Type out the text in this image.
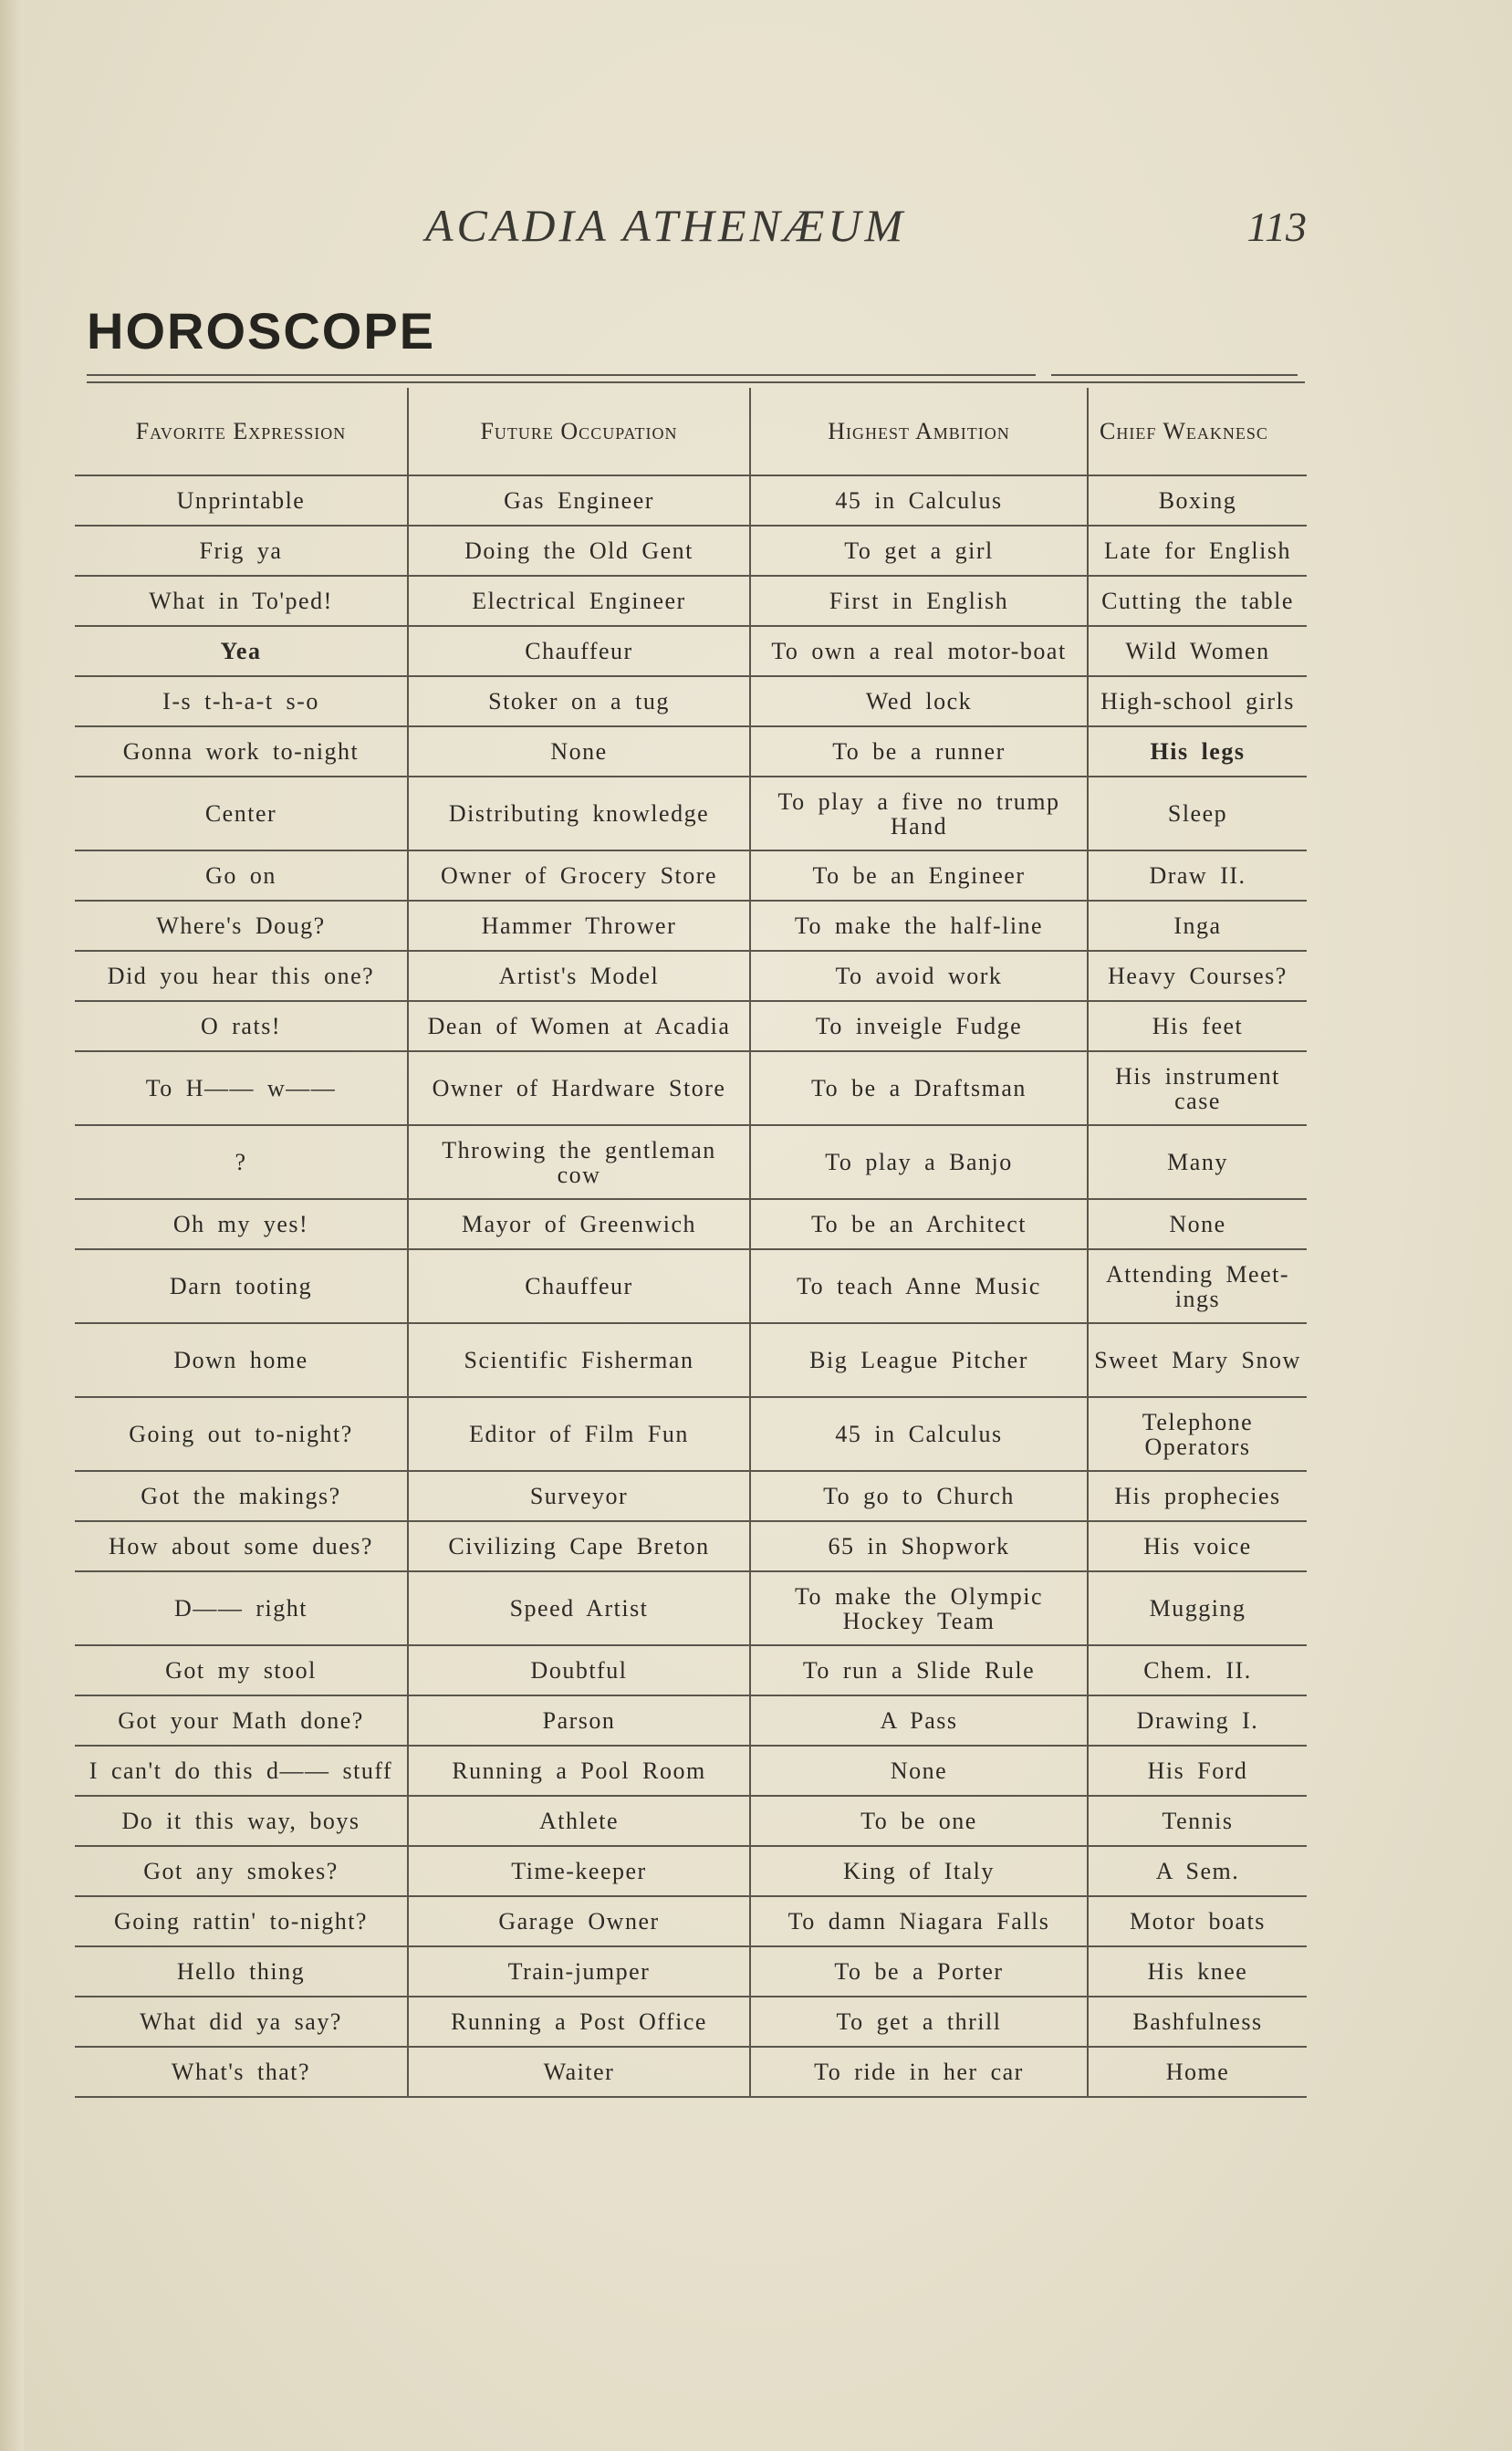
ACADIA ATHENÆUM	113
HOROSCOPE
Favorite Expression	Future Occupation	Highest Ambition	Chief Weaknesc
Unprintable	Gas Engineer	45 in Calculus	Boxing
Frig ya	Doing the Old Gent	To get a girl	Late for English
What in To'ped!	Electrical Engineer	First in English	Cutting the table
Yea	Chauffeur	To own a real motor-boat	Wild Women
I-s t-h-a-t s-o	Stoker on a tug	Wed lock	High-school girls
Gonna work to-night	None	To be a runner	His legs
Center	Distributing knowledge	To play a five no trump Hand	Sleep
Go on	Owner of Grocery Store	To be an Engineer	Draw II.
Where's Doug?	Hammer Thrower	To make the half-line	Inga
Did you hear this one?	Artist's Model	To avoid work	Heavy Courses?
O rats!	Dean of Women at Acadia	To inveigle Fudge	His feet
To H—— w——	Owner of Hardware Store	To be a Draftsman	His instrument case
?	Throwing the gentleman cow	To play a Banjo	Many
Oh my yes!	Mayor of Greenwich	To be an Architect	None
Darn tooting	Chauffeur	To teach Anne Music	Attending Meet-ings
Down home	Scientific Fisherman	Big League Pitcher	Sweet Mary Snow
Going out to-night?	Editor of Film Fun	45 in Calculus	Telephone Operators
Got the makings?	Surveyor	To go to Church	His prophecies
How about some dues?	Civilizing Cape Breton	65 in Shopwork	His voice
D—— right	Speed Artist	To make the Olympic Hockey Team	Mugging
Got my stool	Doubtful	To run a Slide Rule	Chem. II.
Got your Math done?	Parson	A Pass	Drawing I.
I can't do this d—— stuff	Running a Pool Room	None	His Ford
Do it this way, boys	Athlete	To be one	Tennis
Got any smokes?	Time-keeper	King of Italy	A Sem.
Going rattin' to-night?	Garage Owner	To damn Niagara Falls	Motor boats
Hello thing	Train-jumper	To be a Porter	His knee
What did ya say?	Running a Post Office	To get a thrill	Bashfulness
What's that?	Waiter	To ride in her car	Home
